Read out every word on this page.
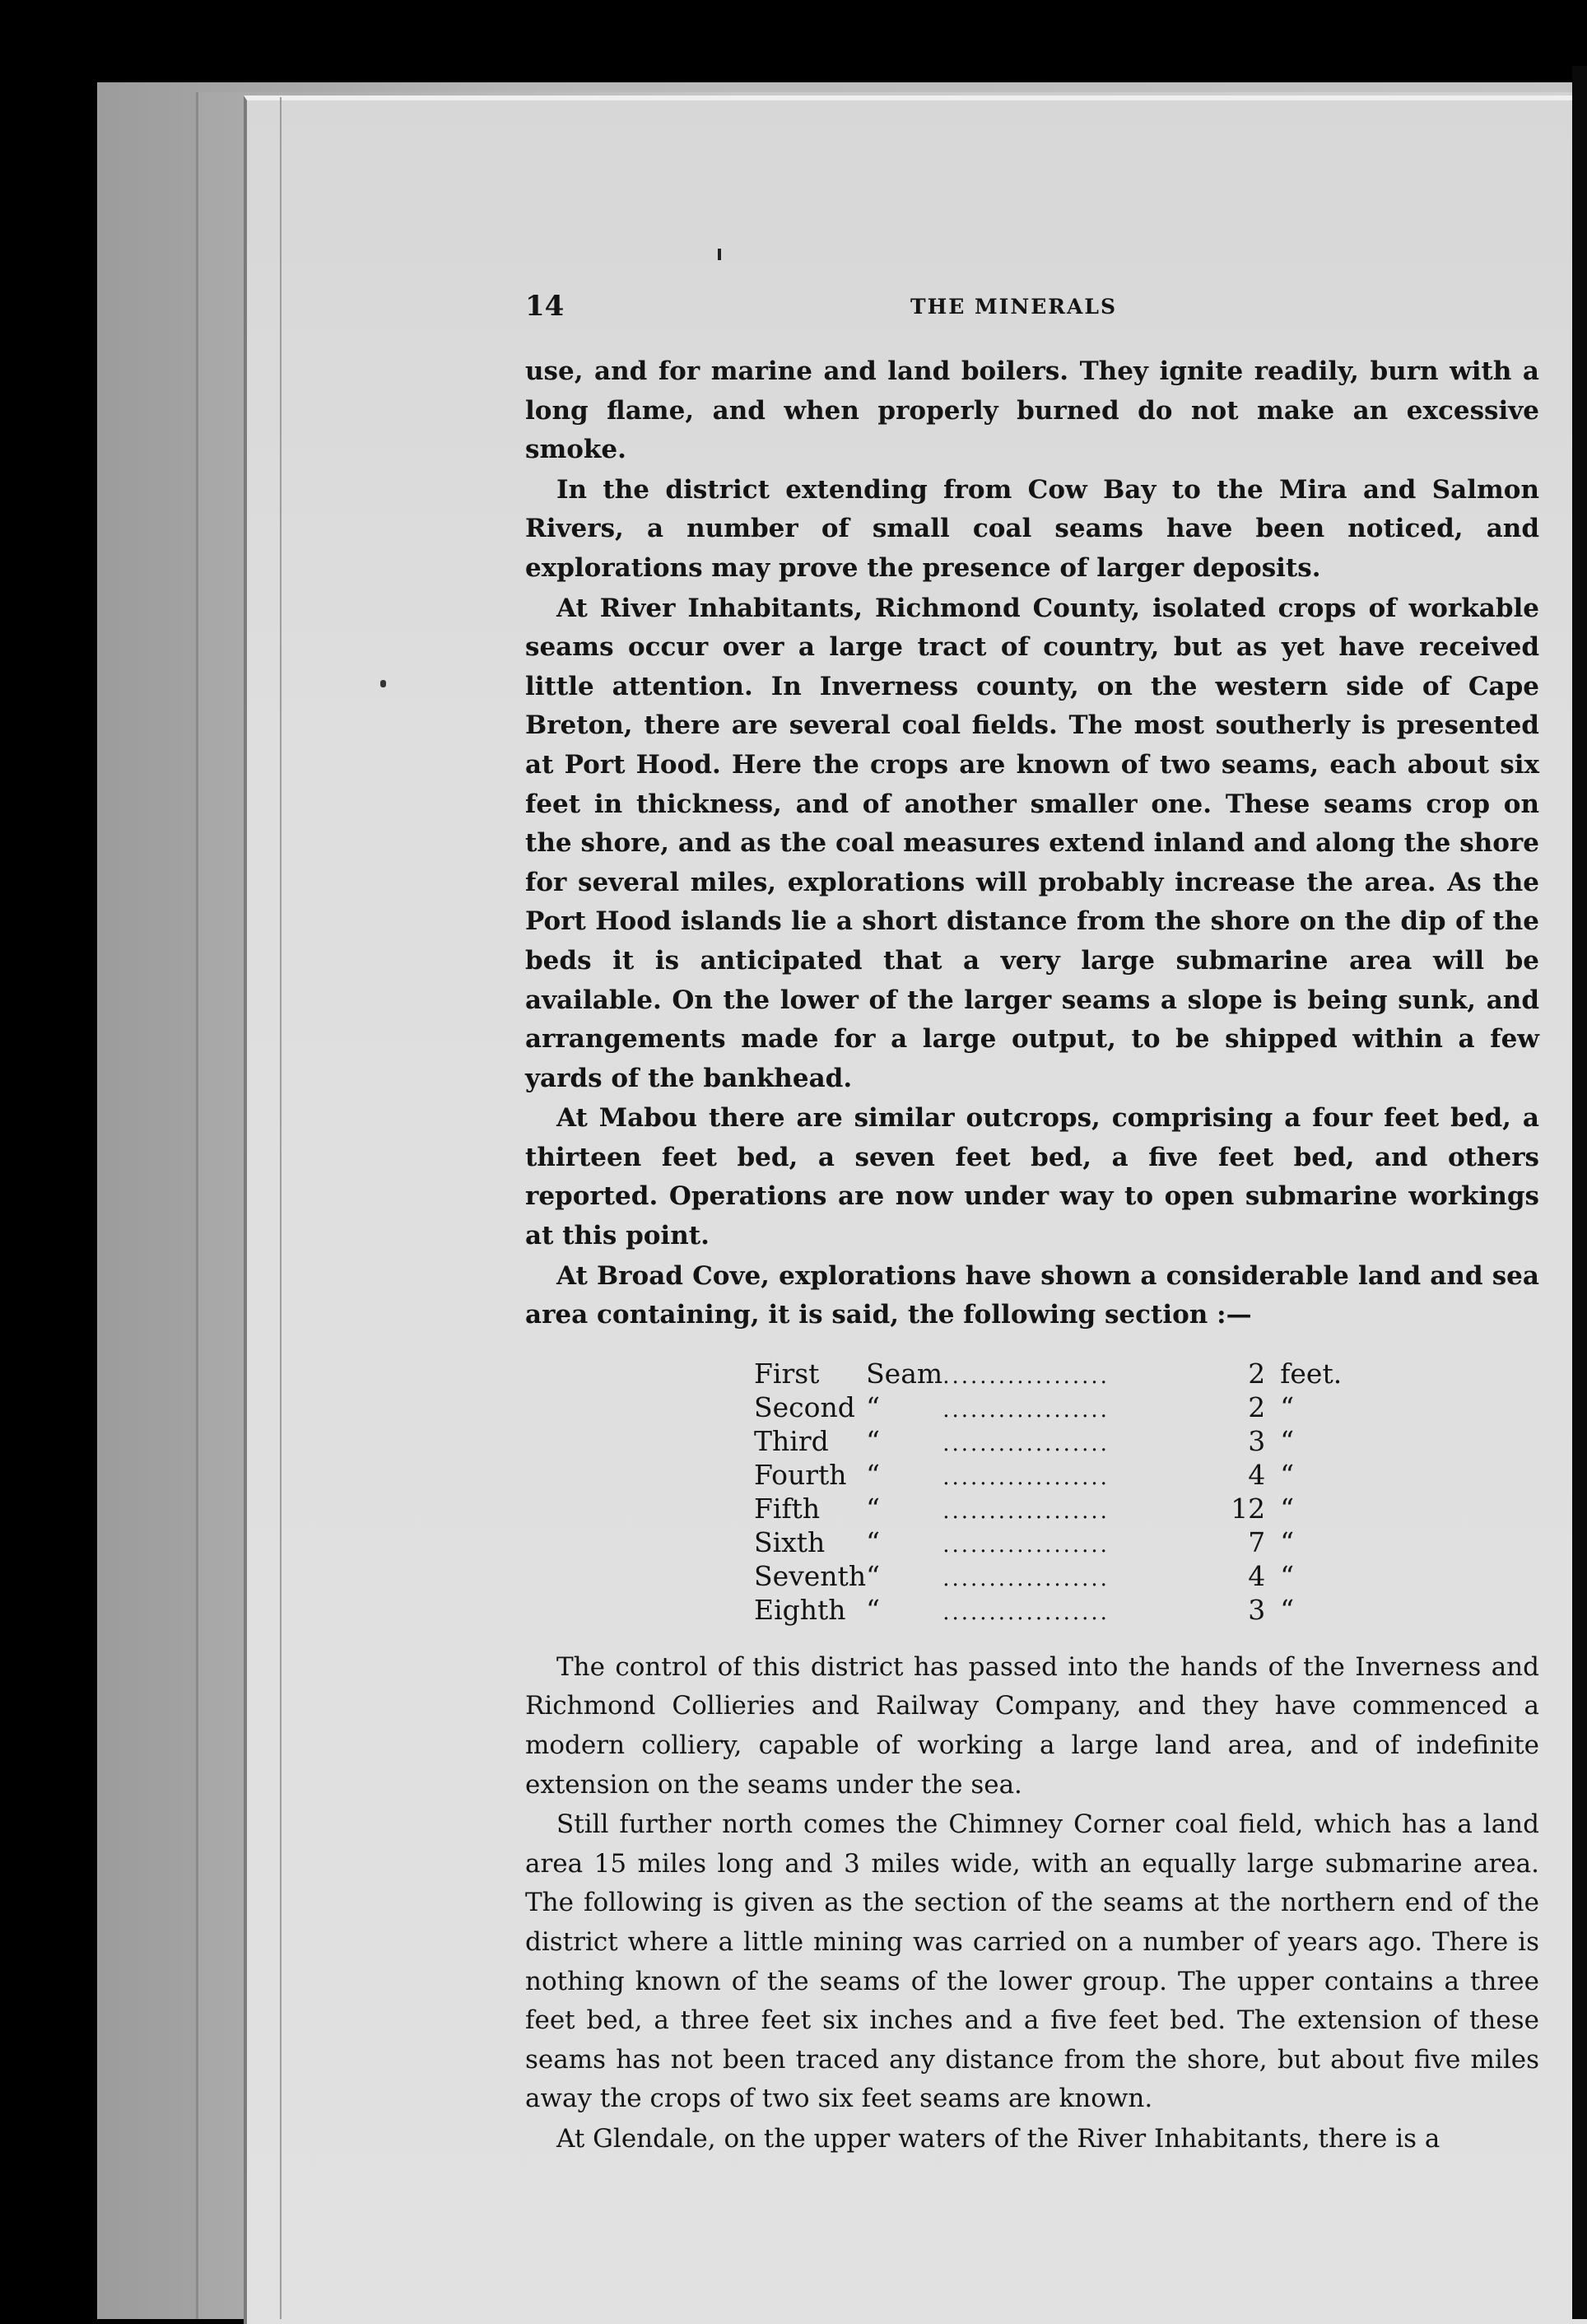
14	THE MINERALS

use, and for marine and land boilers. They ignite readily, burn with a long flame, and when properly burned do not make an excessive smoke.

In the district extending from Cow Bay to the Mira and Salmon Rivers, a number of small coal seams have been noticed, and explorations may prove the presence of larger deposits.

At River Inhabitants, Richmond County, isolated crops of workable seams occur over a large tract of country, but as yet have received little attention. In Inverness county, on the western side of Cape Breton, there are several coal fields. The most southerly is presented at Port Hood. Here the crops are known of two seams, each about six feet in thickness, and of another smaller one. These seams crop on the shore, and as the coal measures extend inland and along the shore for several miles, explorations will probably increase the area. As the Port Hood islands lie a short distance from the shore on the dip of the beds it is anticipated that a very large submarine area will be available. On the lower of the larger seams a slope is being sunk, and arrangements made for a large output, to be shipped within a few yards of the bankhead.

At Mabou there are similar outcrops, comprising a four feet bed, a thirteen feet bed, a seven feet bed, a five feet bed, and others reported. Operations are now under way to open submarine workings at this point.

At Broad Cove, explorations have shown a considerable land and sea area containing, it is said, the following section :—

First	Seam	..................	2	feet.
Second	“	..................	2	“
Third	“	..................	3	“
Fourth	“	..................	4	“
Fifth	“	..................	12	“
Sixth	“	..................	7	“
Seventh	“	..................	4	“
Eighth	“	..................	3	“

The control of this district has passed into the hands of the Inverness and Richmond Collieries and Railway Company, and they have commenced a modern colliery, capable of working a large land area, and of indefinite extension on the seams under the sea.

Still further north comes the Chimney Corner coal field, which has a land area 15 miles long and 3 miles wide, with an equally large submarine area. The following is given as the section of the seams at the northern end of the district where a little mining was carried on a number of years ago. There is nothing known of the seams of the lower group. The upper contains a three feet bed, a three feet six inches and a five feet bed. The extension of these seams has not been traced any distance from the shore, but about five miles away the crops of two six feet seams are known.

At Glendale, on the upper waters of the River Inhabitants, there is a
